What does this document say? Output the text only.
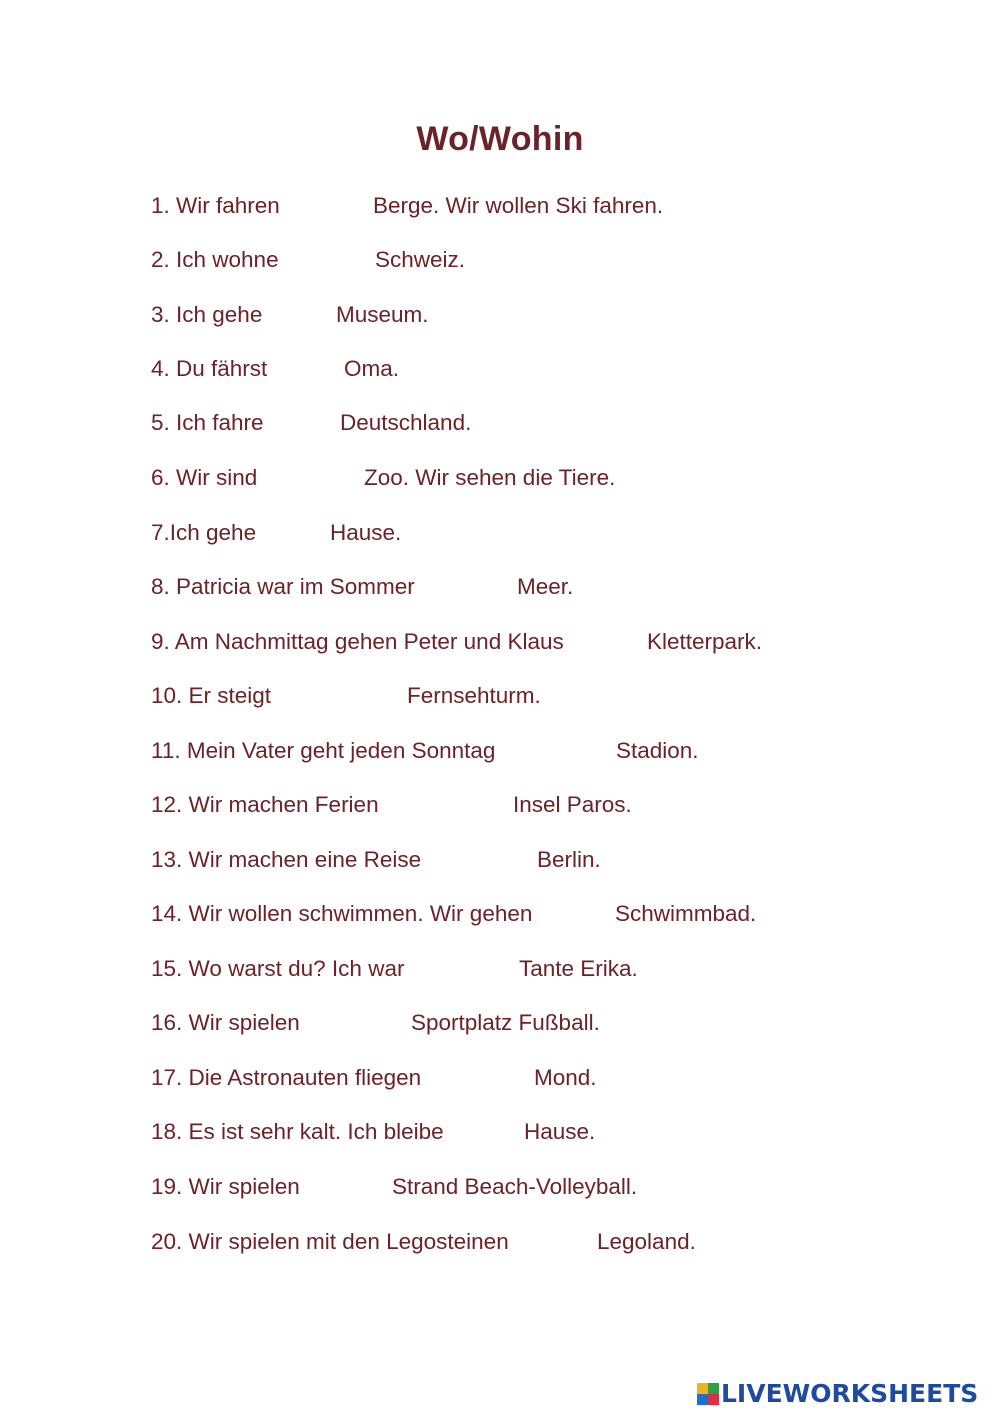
Wo/Wohin
1. Wir fahren	Berge. Wir wollen Ski fahren.
2. Ich wohne	Schweiz.
3. Ich gehe	Museum.
4. Du fährst	Oma.
5. Ich fahre	Deutschland.
6. Wir sind	Zoo. Wir sehen die Tiere.
7.Ich gehe	Hause.
8. Patricia war im Sommer	Meer.
9. Am Nachmittag gehen Peter und Klaus	Kletterpark.
10. Er steigt	Fernsehturm.
11. Mein Vater geht jeden Sonntag	Stadion.
12. Wir machen Ferien	Insel Paros.
13. Wir machen eine Reise	Berlin.
14. Wir wollen schwimmen. Wir gehen	Schwimmbad.
15. Wo warst du? Ich war	Tante Erika.
16. Wir spielen	Sportplatz Fußball.
17. Die Astronauten fliegen	Mond.
18. Es ist sehr kalt. Ich bleibe	Hause.
19. Wir spielen	Strand Beach-Volleyball.
20. Wir spielen mit den Legosteinen	Legoland.
LIVEWORKSHEETS
